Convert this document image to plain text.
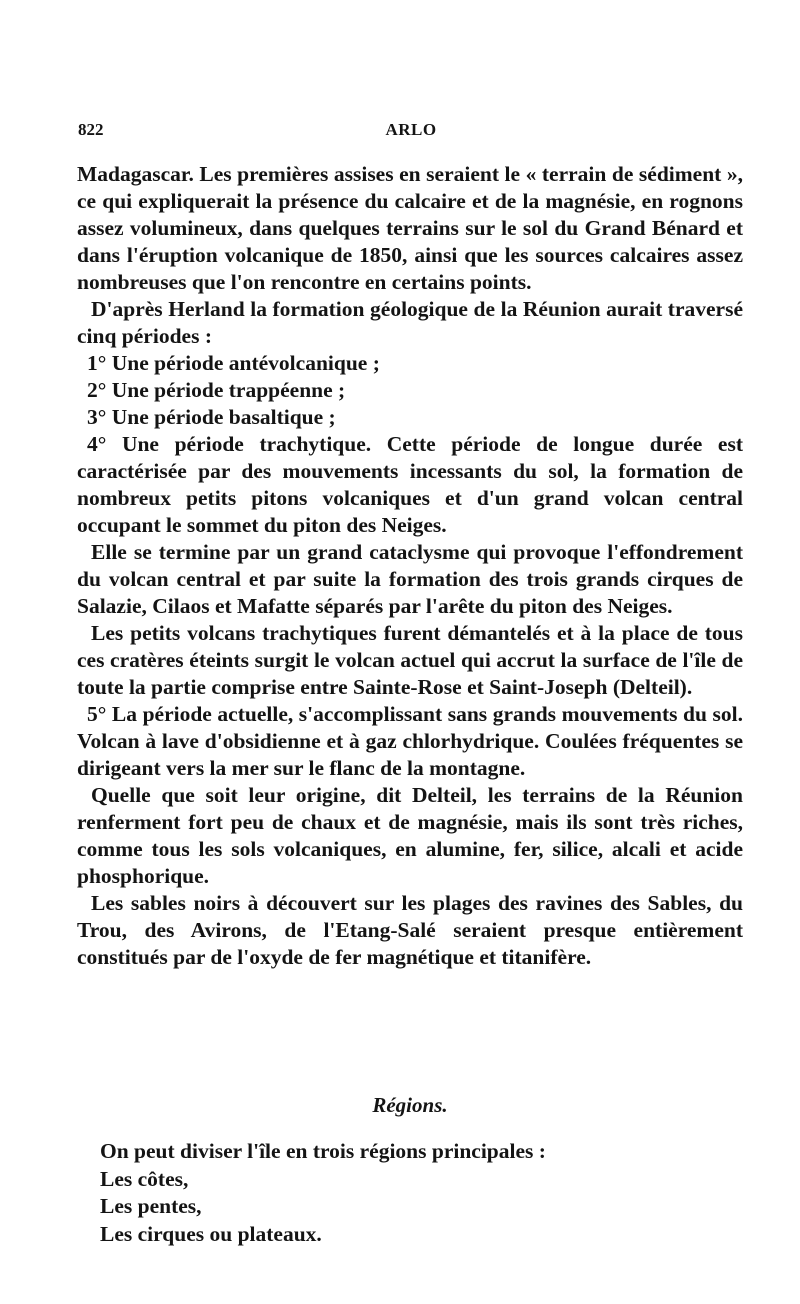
822	ARLO

Madagascar. Les premières assises en seraient le « terrain de sédiment », ce qui expliquerait la présence du calcaire et de la magnésie, en rognons assez volumineux, dans quelques terrains sur le sol du Grand Bénard et dans l'éruption volcanique de 1850, ainsi que les sources calcaires assez nombreuses que l'on rencontre en certains points.

D'après Herland la formation géologique de la Réunion aurait traversé cinq périodes :

1° Une période antévolcanique ;

2° Une période trappéenne ;

3° Une période basaltique ;

4° Une période trachytique. Cette période de longue durée est caractérisée par des mouvements incessants du sol, la formation de nombreux petits pitons volcaniques et d'un grand volcan central occupant le sommet du piton des Neiges.

Elle se termine par un grand cataclysme qui provoque l'effondrement du volcan central et par suite la formation des trois grands cirques de Salazie, Cilaos et Mafatte séparés par l'arête du piton des Neiges.

Les petits volcans trachytiques furent démantelés et à la place de tous ces cratères éteints surgit le volcan actuel qui accrut la surface de l'île de toute la partie comprise entre Sainte-Rose et Saint-Joseph (Delteil).

5° La période actuelle, s'accomplissant sans grands mouvements du sol. Volcan à lave d'obsidienne et à gaz chlorhydrique. Coulées fréquentes se dirigeant vers la mer sur le flanc de la montagne.

Quelle que soit leur origine, dit Delteil, les terrains de la Réunion renferment fort peu de chaux et de magnésie, mais ils sont très riches, comme tous les sols volcaniques, en alumine, fer, silice, alcali et acide phosphorique.

Les sables noirs à découvert sur les plages des ravines des Sables, du Trou, des Avirons, de l'Etang-Salé seraient presque entièrement constitués par de l'oxyde de fer magnétique et titanifère.

Régions.

On peut diviser l'île en trois régions principales :

Les côtes,

Les pentes,

Les cirques ou plateaux.
